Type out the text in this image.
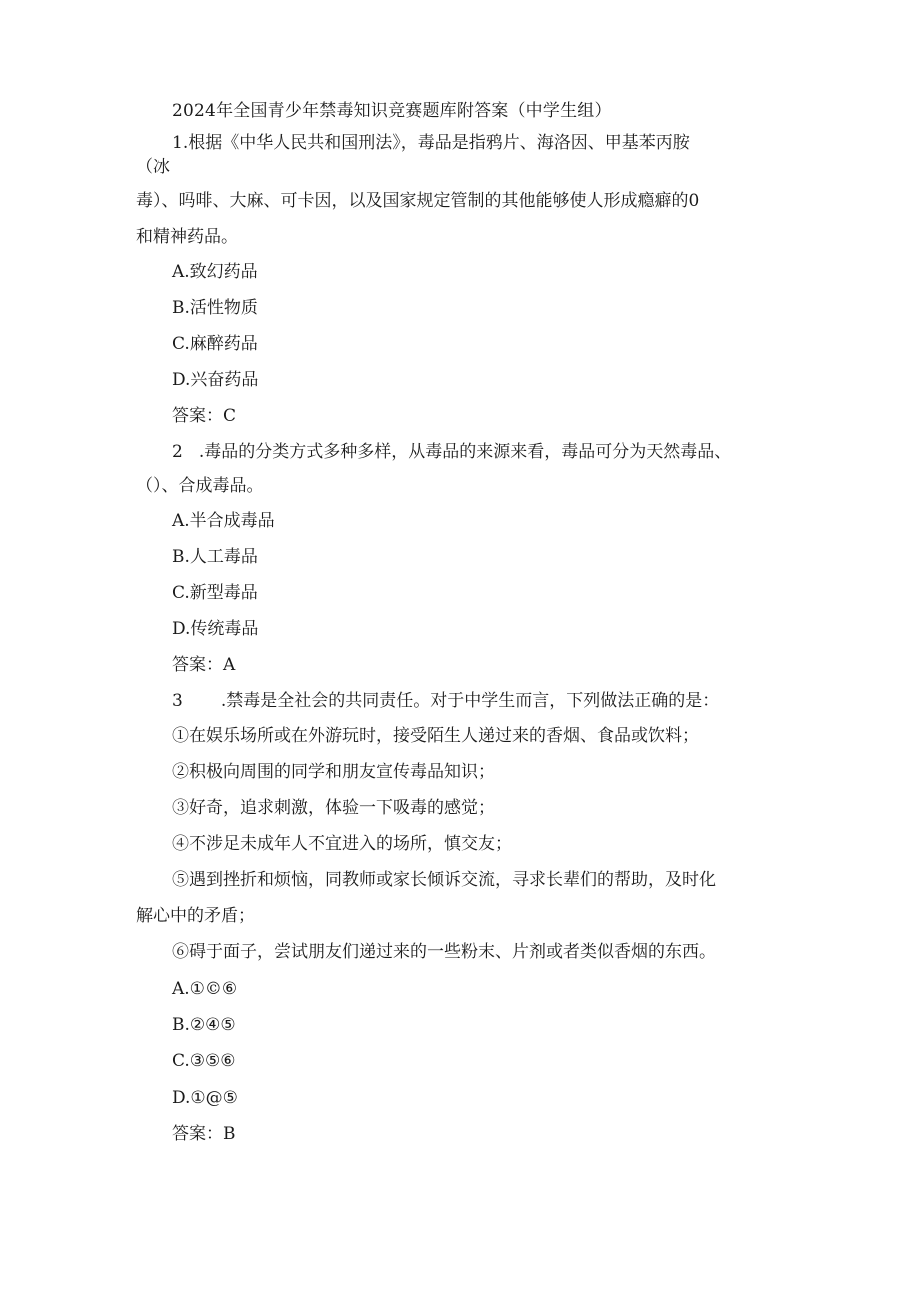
2024年全国青少年禁毒知识竞赛题库附答案（中学生组）
1.根据《中华人民共和国刑法》，毒品是指鸦片、海洛因、甲基苯丙胺
（冰
毒）、吗啡、大麻、可卡因，以及国家规定管制的其他能够使人形成瘾癖的0
和精神药品。
A.致幻药品
B.活性物质
C.麻醉药品
D.兴奋药品
答案：C
2 .毒品的分类方式多种多样，从毒品的来源来看，毒品可分为天然毒品、
（）、合成毒品。
A.半合成毒品
B.人工毒品
C.新型毒品
D.传统毒品
答案：A
3 .禁毒是全社会的共同责任。对于中学生而言，下列做法正确的是：
①在娱乐场所或在外游玩时，接受陌生人递过来的香烟、食品或饮料；
②积极向周围的同学和朋友宣传毒品知识；
③好奇，追求刺激，体验一下吸毒的感觉；
④不涉足未成年人不宜进入的场所，慎交友；
⑤遇到挫折和烦恼，同教师或家长倾诉交流，寻求长辈们的帮助，及时化
解心中的矛盾；
⑥碍于面子，尝试朋友们递过来的一些粉末、片剂或者类似香烟的东西。
A.①©⑥
B.②④⑤
C.③⑤⑥
D.①@⑤
答案：B
